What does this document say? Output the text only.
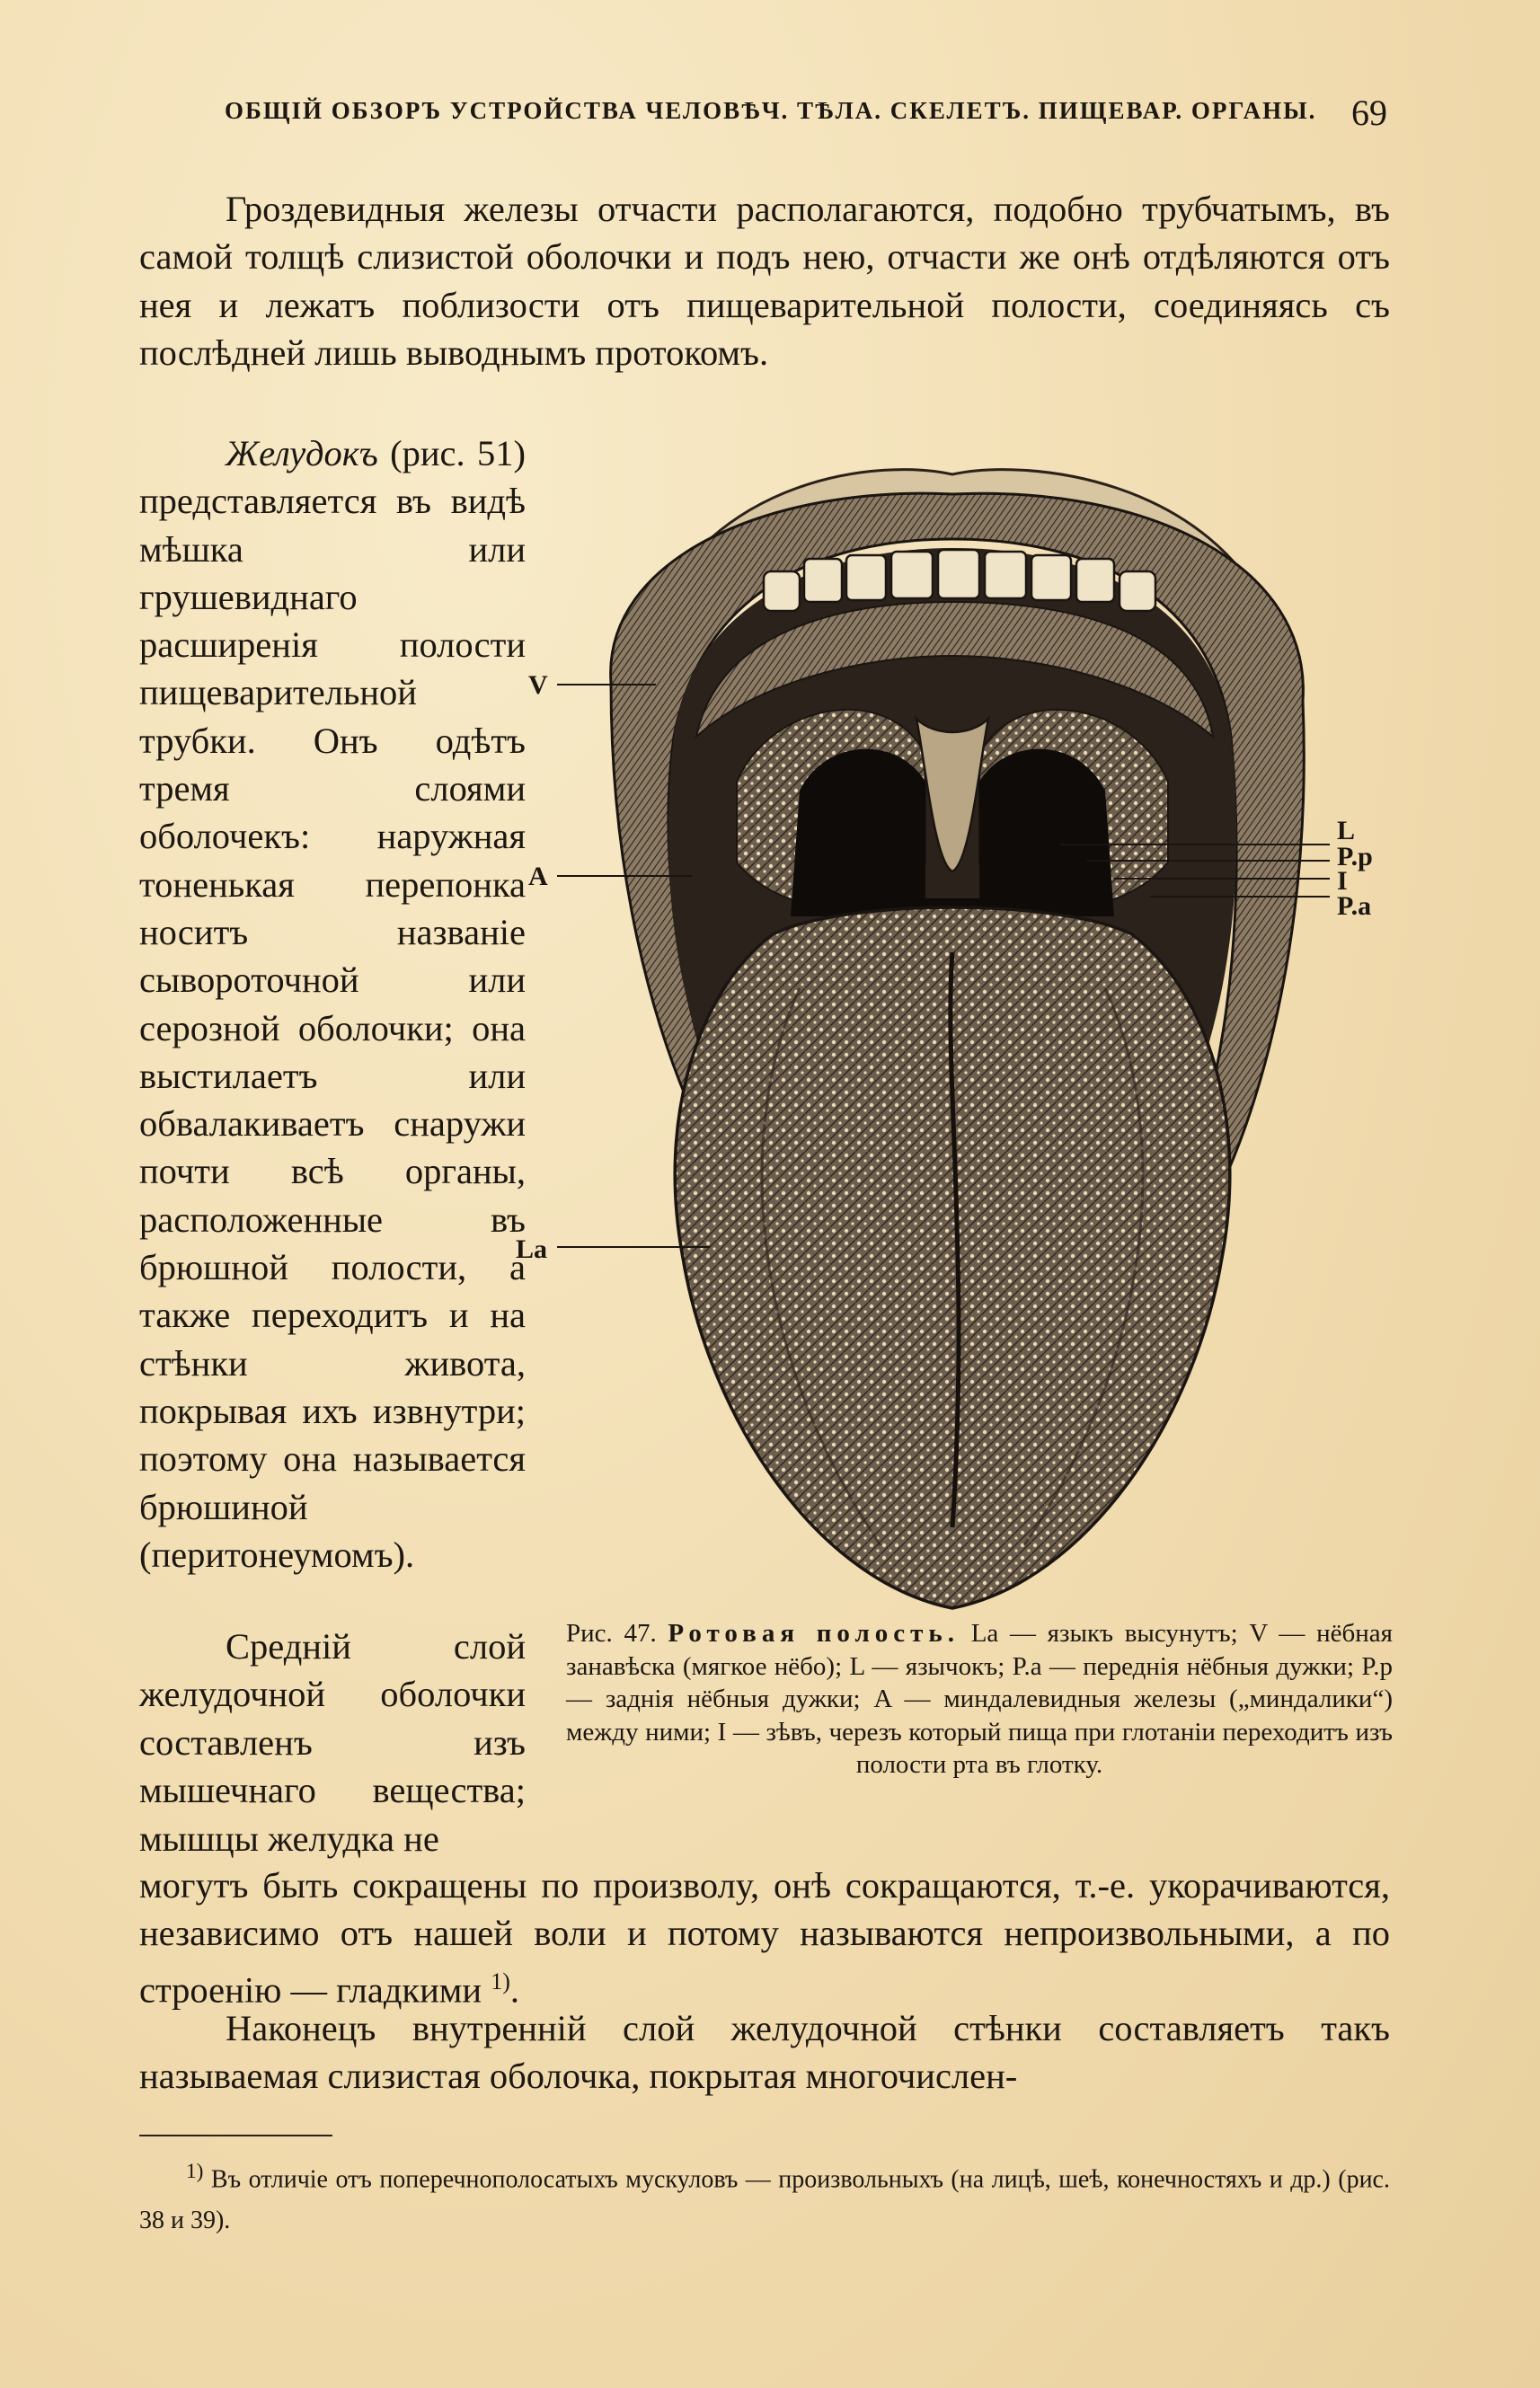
ОБЩІЙ ОБЗОРЪ УСТРОЙСТВА ЧЕЛОВѢЧ. ТѢЛА. СКЕЛЕТЪ. ПИЩЕВАР. ОРГАНЫ. 69

Гроздевидныя железы отчасти располагаются, подобно трубчатымъ, въ самой толщѣ слизистой оболочки и подъ нею, отчасти же онѣ отдѣляются отъ нея и лежатъ поблизости отъ пищеварительной полости, соединяясь съ послѣдней лишь выводнымъ протокомъ.

Желудокъ (рис. 51) представляется въ видѣ мѣшка или грушевиднаго расширенія полости пищеварительной трубки. Онъ одѣтъ тремя слоями оболочекъ: наружная тоненькая перепонка носитъ названіе сывороточной или серозной оболочки; она выстилаетъ или обвалакиваетъ снаружи почти всѣ органы, расположенные въ брюшной полости, а также переходитъ и на стѣнки живота, покрывая ихъ извнутри; поэтому она называется брюшиной (перитонеумомъ).

Средній слой желудочной оболочки составленъ изъ мышечнаго вещества; мышцы желудка не

могутъ быть сокращены по произволу, онѣ сокращаются, т.-е. укорачиваются, независимо отъ нашей воли и потому называются непроизвольными, а по строенію — гладкими $^{1)}$.

Наконецъ внутренній слой желудочной стѣнки составляетъ такъ называемая слизистая оболочка, покрытая многочислен-

V
A
La
L
P.p
I
P.a
Рис. 47. Ротовая полость. La — языкъ высунутъ; V — нёбная занавѣска (мягкое нёбо); L — язычокъ; P.a — переднія нёбныя дужки; P.p — заднія нёбныя дужки; A — миндалевидныя железы („миндалики“) между ними; I — зѣвъ, черезъ который пища при глотаніи переходитъ изъ полости рта въ глотку.
$^{1)}$ Въ отличіе отъ поперечнополосатыхъ мускуловъ — произвольныхъ (на лицѣ, шеѣ, конечностяхъ и др.) (рис. 38 и 39).
